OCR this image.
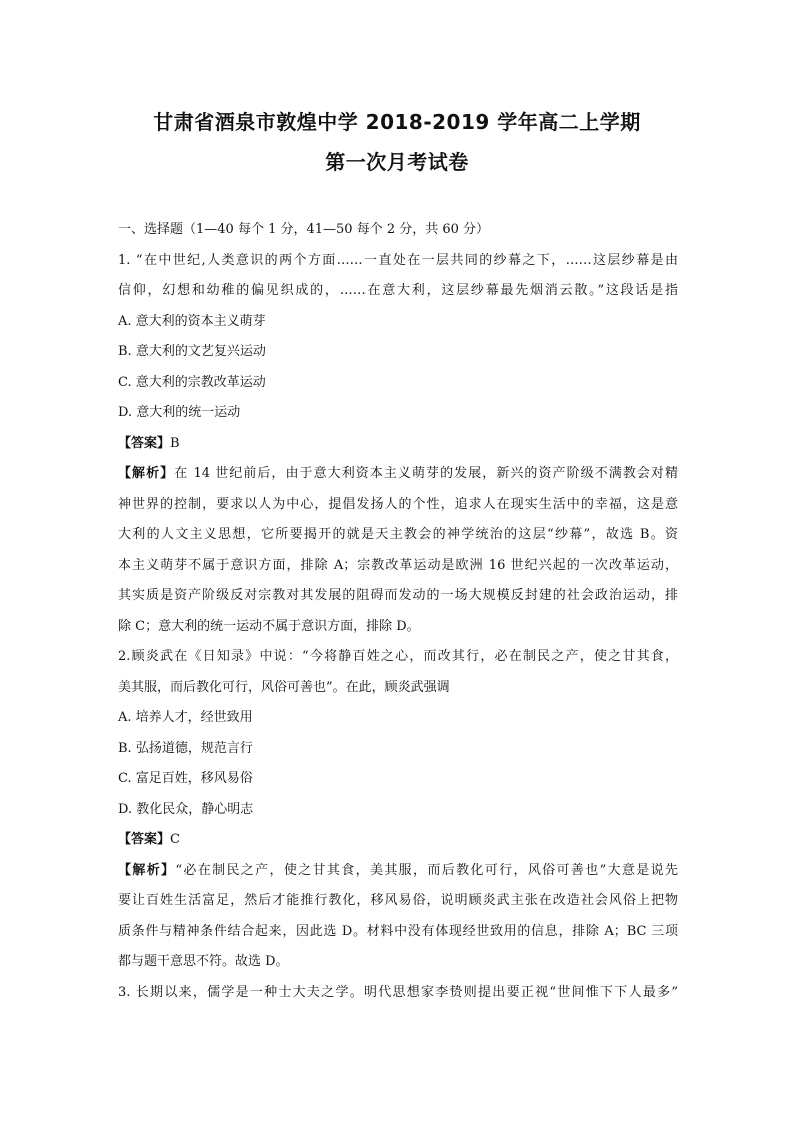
甘肃省酒泉市敦煌中学 2018-2019 学年高二上学期
第一次月考试卷
一、选择题（1—40 每个 1 分，41—50 每个 2 分，共 60 分）
1. “在中世纪,人类意识的两个方面……一直处在一层共同的纱幕之下，……这层纱幕是由
信仰，幻想和幼稚的偏见织成的，……在意大利，这层纱幕最先烟消云散。”这段话是指
A. 意大利的资本主义萌芽
B. 意大利的文艺复兴运动
C. 意大利的宗教改革运动
D. 意大利的统一运动
【答案】B
【解析】在 14 世纪前后，由于意大利资本主义萌芽的发展，新兴的资产阶级不满教会对精
神世界的控制，要求以人为中心，提倡发扬人的个性，追求人在现实生活中的幸福，这是意
大利的人文主义思想，它所要揭开的就是天主教会的神学统治的这层“纱幕”，故选 B。资
本主义萌芽不属于意识方面，排除 A；宗教改革运动是欧洲 16 世纪兴起的一次改革运动，
其实质是资产阶级反对宗教对其发展的阻碍而发动的一场大规模反封建的社会政治运动，排
除 C；意大利的统一运动不属于意识方面，排除 D。
2.顾炎武在《日知录》中说：“今将静百姓之心，而改其行，必在制民之产，使之甘其食，
美其服，而后教化可行，风俗可善也”。在此，顾炎武强调
A. 培养人才，经世致用
B. 弘扬道德，规范言行
C. 富足百姓，移风易俗
D. 教化民众，静心明志
【答案】C
【解析】“必在制民之产，使之甘其食，美其服，而后教化可行，风俗可善也”大意是说先
要让百姓生活富足，然后才能推行教化，移风易俗，说明顾炎武主张在改造社会风俗上把物
质条件与精神条件结合起来，因此选 D。材料中没有体现经世致用的信息，排除 A；BC 三项
都与题干意思不符。故选 D。
3. 长期以来，儒学是一种士大夫之学。明代思想家李贽则提出要正视“世间惟下下人最多”
